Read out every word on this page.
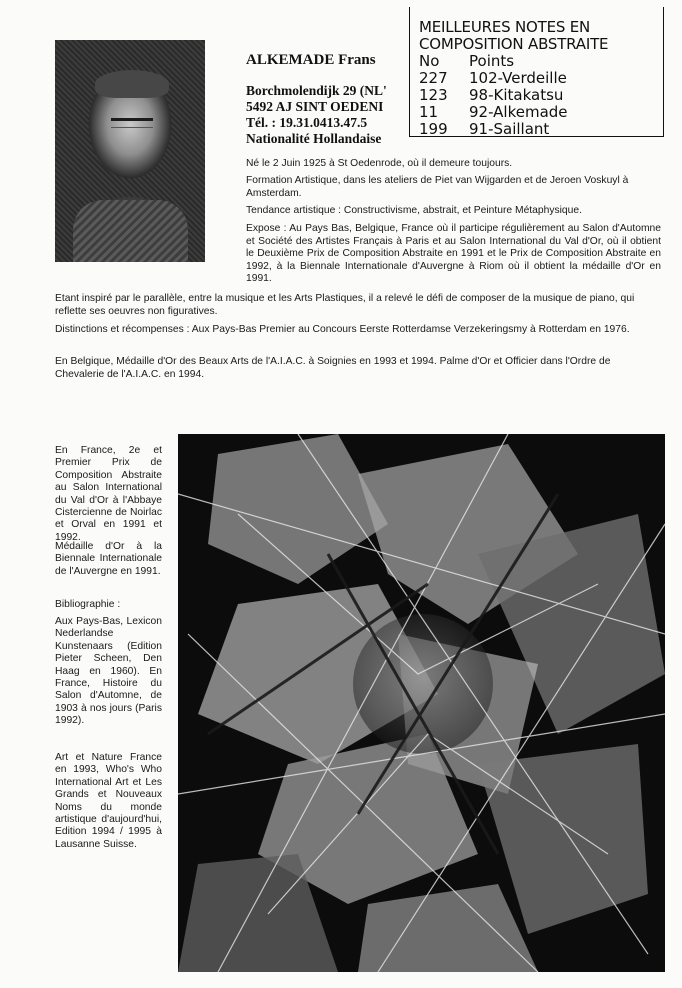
ALKEMADE Frans
Borchmolendijk 29 (NL'
5492 AJ SINT OEDENI
Tél. : 19.31.0413.47.5
Nationalité Hollandaise
MEILLEURES NOTES EN
COMPOSITION ABSTRAITE
No	Points
227	102-Verdeille
123	98-Kitakatsu
11	92-Alkemade
199	91-Saillant
Né le 2 Juin 1925 à St Oedenrode, où il demeure toujours.
Formation Artistique, dans les ateliers de Piet van Wijgarden et de Jeroen Voskuyl à Amsterdam.
Tendance artistique : Constructivisme, abstrait, et Peinture Métaphysique.
Expose : Au Pays Bas, Belgique, France où il participe régulièrement au Salon d'Automne et Société des Artistes Français à Paris et au Salon International du Val d'Or, où il obtient le Deuxième Prix de Composition Abstraite en 1991 et le Prix de Composition Abstraite en 1992, à la Biennale Internationale d'Auvergne à Riom où il obtient la médaille d'Or en 1991.
Etant inspiré par le parallèle, entre la musique et les Arts Plastiques, il a relevé le défi de composer de la musique de piano, qui reflette ses oeuvres non figuratives.
Distinctions et récompenses : Aux Pays-Bas Premier au Concours Eerste Rotterdamse Verzekeringsmy à Rotterdam en 1976.
En Belgique, Médaille d'Or des Beaux Arts de l'A.I.A.C. à Soignies en 1993 et 1994. Palme d'Or et Officier dans l'Ordre de Chevalerie de l'A.I.A.C. en 1994.
En France, 2e et Premier Prix de Composition Abstraite au Salon International du Val d'Or à l'Abbaye Cistercienne de Noirlac et Orval en 1991 et 1992.
Médaille d'Or à la Biennale Internationale de l'Auvergne en 1991.
Bibliographie :
Aux Pays-Bas, Lexicon Nederlandse Kunstenaars (Edition Pieter Scheen, Den Haag en 1960). En France, Histoire du Salon d'Automne, de 1903 à nos jours (Paris 1992).
Art et Nature France en 1993, Who's Who International Art et Les Grands et Nouveaux Noms du monde artistique d'aujourd'hui, Edition 1994 / 1995 à Lausanne Suisse.
